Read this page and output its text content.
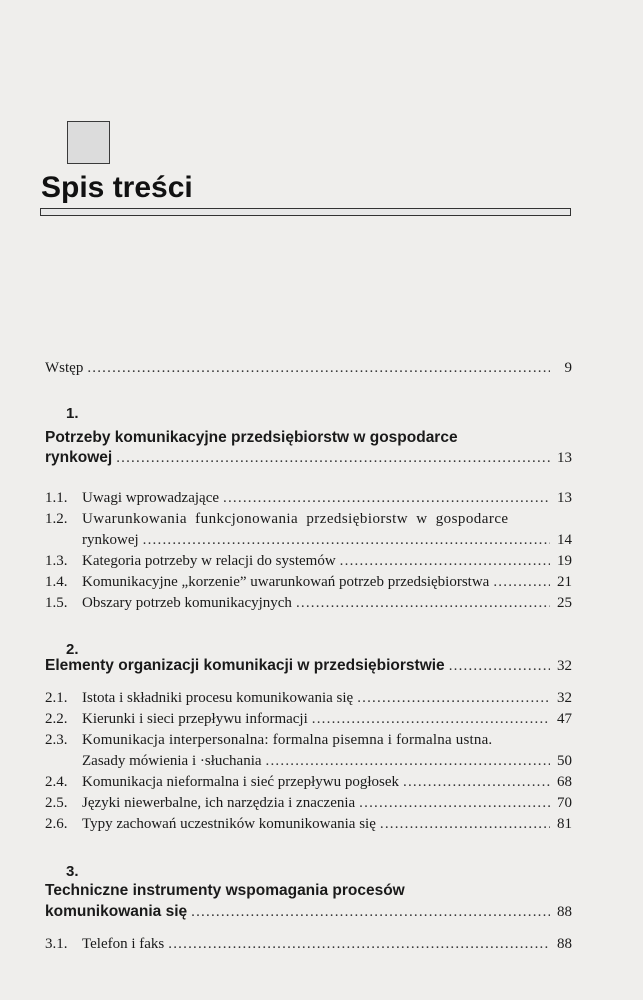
Spis treści
Wstęp .....	9
1.
Potrzeby komunikacyjne przedsiębiorstw w gospodarce
rynkowej .....	13
1.1. Uwagi wprowadzające .....	13
1.2. Uwarunkowania funkcjonowania przedsiębiorstw w gospodarce
rynkowej .....	14
1.3. Kategoria potrzeby w relacji do systemów .....	19
1.4. Komunikacyjne „korzenie” uwarunkowań potrzeb przedsiębiorstwa .....	21
1.5. Obszary potrzeb komunikacyjnych .....	25
2.
Elementy organizacji komunikacji w przedsiębiorstwie .....	32
2.1. Istota i składniki procesu komunikowania się .....	32
2.2. Kierunki i sieci przepływu informacji .....	47
2.3. Komunikacja interpersonalna: formalna pisemna i formalna ustna.
Zasady mówienia i ·słuchania .....	50
2.4. Komunikacja nieformalna i sieć przepływu pogłosek .....	68
2.5. Języki niewerbalne, ich narzędzia i znaczenia .....	70
2.6. Typy zachowań uczestników komunikowania się .....	81
3.
Techniczne instrumenty wspomagania procesów
komunikowania się .....	88
3.1. Telefon i faks .....	88
